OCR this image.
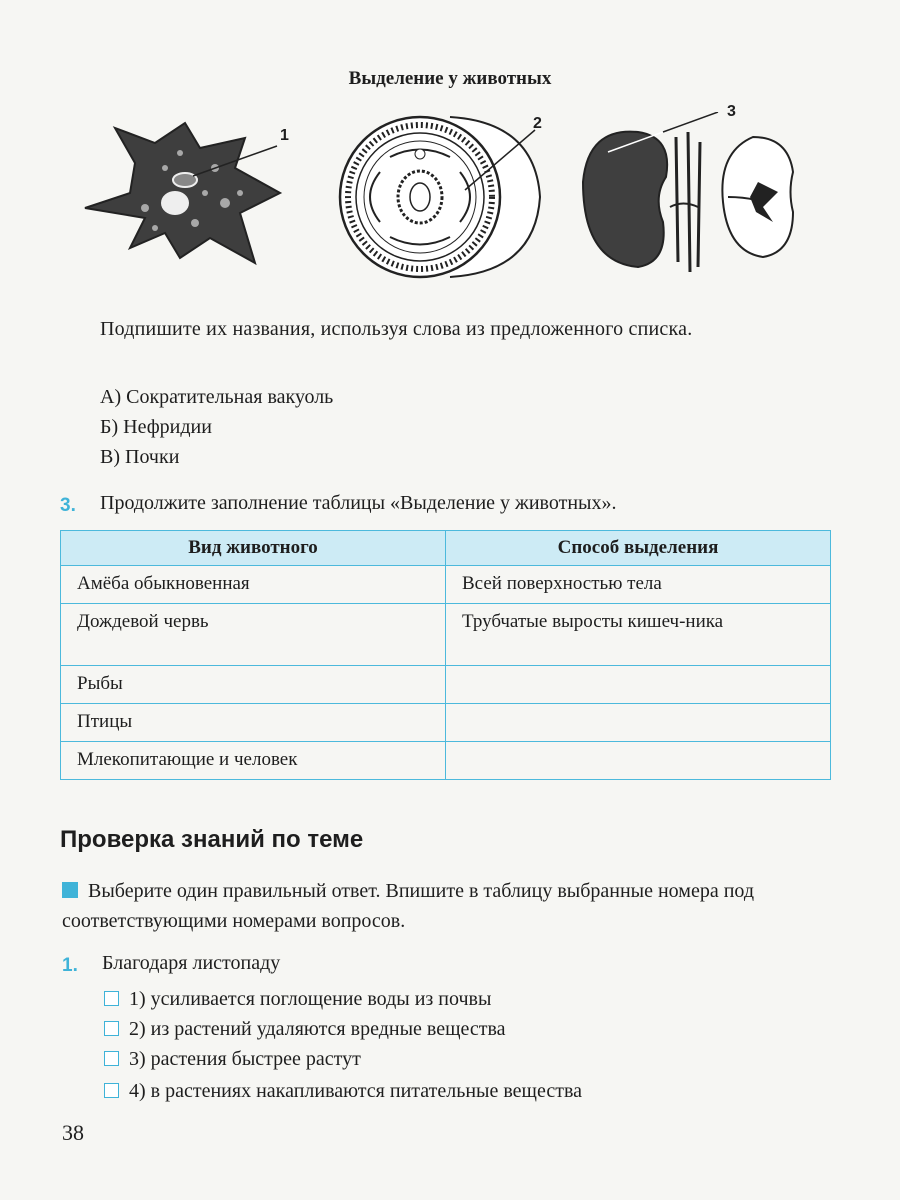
Выделение у животных
1
2
3
Подпишите их названия, используя слова из предложенного списка.
А) Сократительная вакуоль
Б) Нефридии
В) Почки
3. Продолжите заполнение таблицы «Выделение у животных».
Вид животного	Способ выделения
Амёба обыкновенная	Всей поверхностью тела
Дождевой червь	Трубчатые выросты кишеч-ника
Рыбы	
Птицы	
Млекопитающие и человек	
Проверка знаний по теме
Выберите один правильный ответ. Впишите в таблицу выбранные номера под соответствующими номерами вопросов.
1. Благодаря листопаду
1) усиливается поглощение воды из почвы
2) из растений удаляются вредные вещества
3) растения быстрее растут
4) в растениях накапливаются питательные вещества
38
